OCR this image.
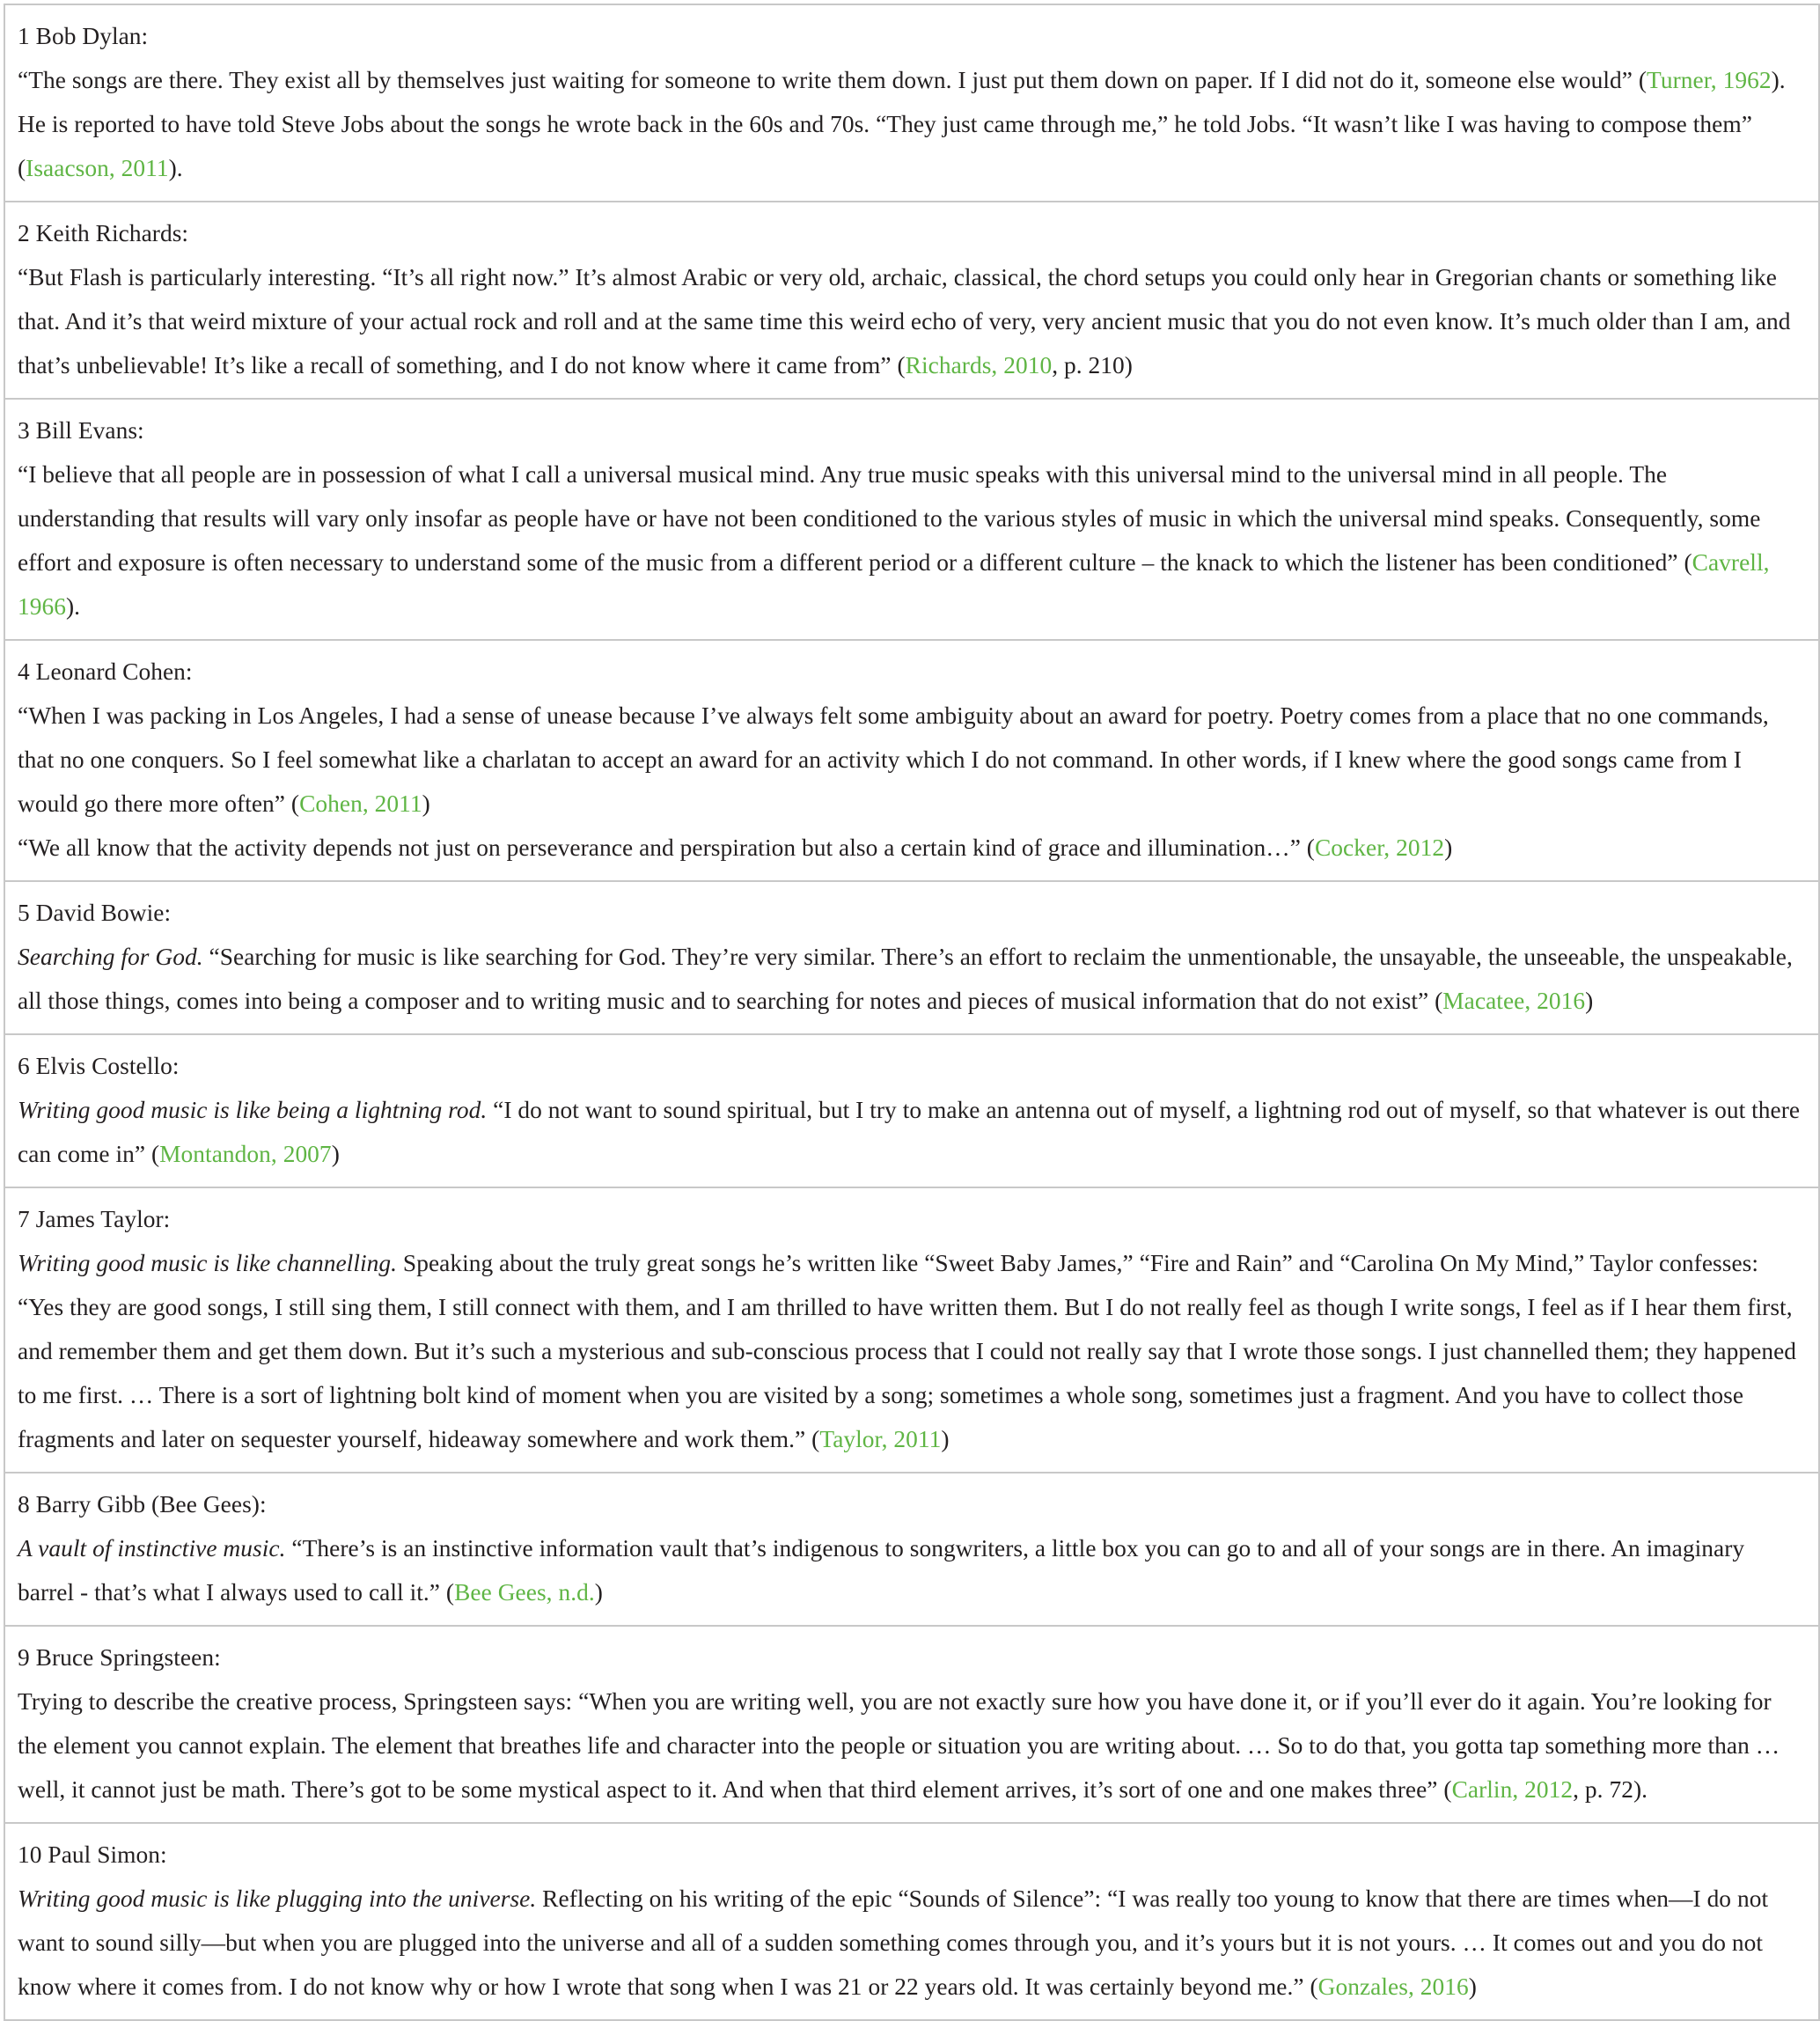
1 Bob Dylan:

“The songs are there. They exist all by themselves just waiting for someone to write them down. I just put them down on paper. If I did not do it, someone else would” (Turner, 1962).

He is reported to have told Steve Jobs about the songs he wrote back in the 60s and 70s. “They just came through me,” he told Jobs. “It wasn’t like I was having to compose them” (Isaacson, 2011).

2 Keith Richards:

“But Flash is particularly interesting. “It’s all right now.” It’s almost Arabic or very old, archaic, classical, the chord setups you could only hear in Gregorian chants or something like that. And it’s that weird mixture of your actual rock and roll and at the same time this weird echo of very, very ancient music that you do not even know. It’s much older than I am, and that’s unbelievable! It’s like a recall of something, and I do not know where it came from” (Richards, 2010, p. 210)

3 Bill Evans:

“I believe that all people are in possession of what I call a universal musical mind. Any true music speaks with this universal mind to the universal mind in all people. The understanding that results will vary only insofar as people have or have not been conditioned to the various styles of music in which the universal mind speaks. Consequently, some effort and exposure is often necessary to understand some of the music from a different period or a different culture – the knack to which the listener has been conditioned” (Cavrell, 1966).

4 Leonard Cohen:

“When I was packing in Los Angeles, I had a sense of unease because I’ve always felt some ambiguity about an award for poetry. Poetry comes from a place that no one commands, that no one conquers. So I feel somewhat like a charlatan to accept an award for an activity which I do not command. In other words, if I knew where the good songs came from I would go there more often” (Cohen, 2011)

“We all know that the activity depends not just on perseverance and perspiration but also a certain kind of grace and illumination…” (Cocker, 2012)

5 David Bowie:

Searching for God. “Searching for music is like searching for God. They’re very similar. There’s an effort to reclaim the unmentionable, the unsayable, the unseeable, the unspeakable, all those things, comes into being a composer and to writing music and to searching for notes and pieces of musical information that do not exist” (Macatee, 2016)

6 Elvis Costello:

Writing good music is like being a lightning rod. “I do not want to sound spiritual, but I try to make an antenna out of myself, a lightning rod out of myself, so that whatever is out there can come in” (Montandon, 2007)

7 James Taylor:

Writing good music is like channelling. Speaking about the truly great songs he’s written like “Sweet Baby James,” “Fire and Rain” and “Carolina On My Mind,” Taylor confesses: “Yes they are good songs, I still sing them, I still connect with them, and I am thrilled to have written them. But I do not really feel as though I write songs, I feel as if I hear them first, and remember them and get them down. But it’s such a mysterious and sub-conscious process that I could not really say that I wrote those songs. I just channelled them; they happened to me first. … There is a sort of lightning bolt kind of moment when you are visited by a song; sometimes a whole song, sometimes just a fragment. And you have to collect those fragments and later on sequester yourself, hideaway somewhere and work them.” (Taylor, 2011)

8 Barry Gibb (Bee Gees):

A vault of instinctive music. “There’s is an instinctive information vault that’s indigenous to songwriters, a little box you can go to and all of your songs are in there. An imaginary barrel - that’s what I always used to call it.” (Bee Gees, n.d.)

9 Bruce Springsteen:

Trying to describe the creative process, Springsteen says: “When you are writing well, you are not exactly sure how you have done it, or if you’ll ever do it again. You’re looking for the element you cannot explain. The element that breathes life and character into the people or situation you are writing about. … So to do that, you gotta tap something more than … well, it cannot just be math. There’s got to be some mystical aspect to it. And when that third element arrives, it’s sort of one and one makes three” (Carlin, 2012, p. 72).

10 Paul Simon:

Writing good music is like plugging into the universe. Reflecting on his writing of the epic “Sounds of Silence”: “I was really too young to know that there are times when—I do not want to sound silly—but when you are plugged into the universe and all of a sudden something comes through you, and it’s yours but it is not yours. … It comes out and you do not know where it comes from. I do not know why or how I wrote that song when I was 21 or 22 years old. It was certainly beyond me.” (Gonzales, 2016)
